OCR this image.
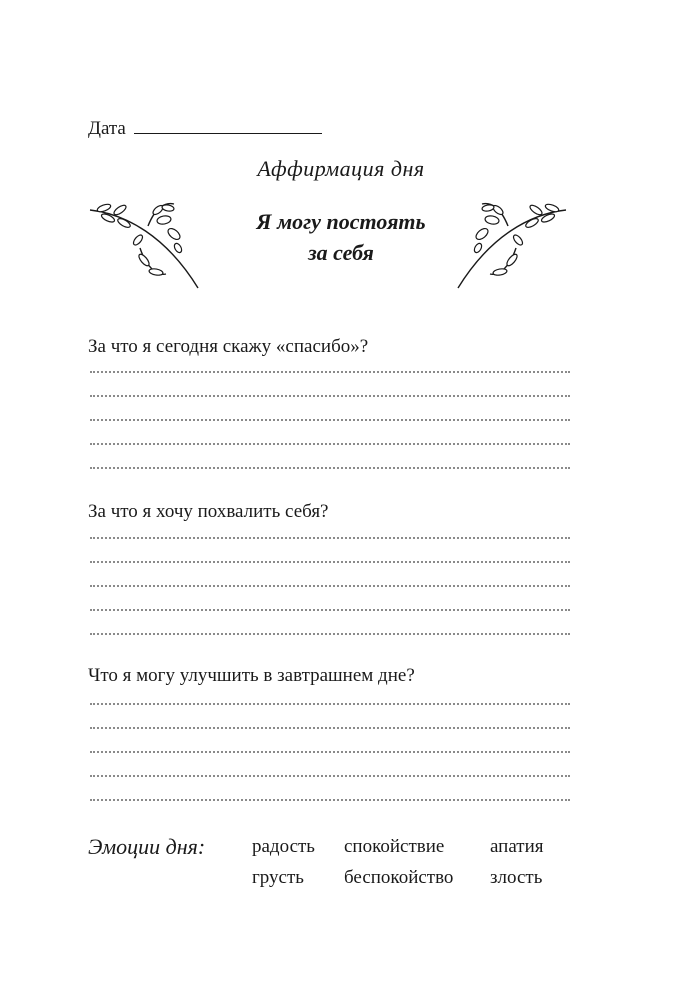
Дата
Аффирмация дня
Я могу постоять
за себя
За что я сегодня скажу «спасибо»?
За что я хочу похвалить себя?
Что я могу улучшить в завтрашнем дне?
Эмоции дня: радость спокойствие апатия
грусть беспокойство злость
